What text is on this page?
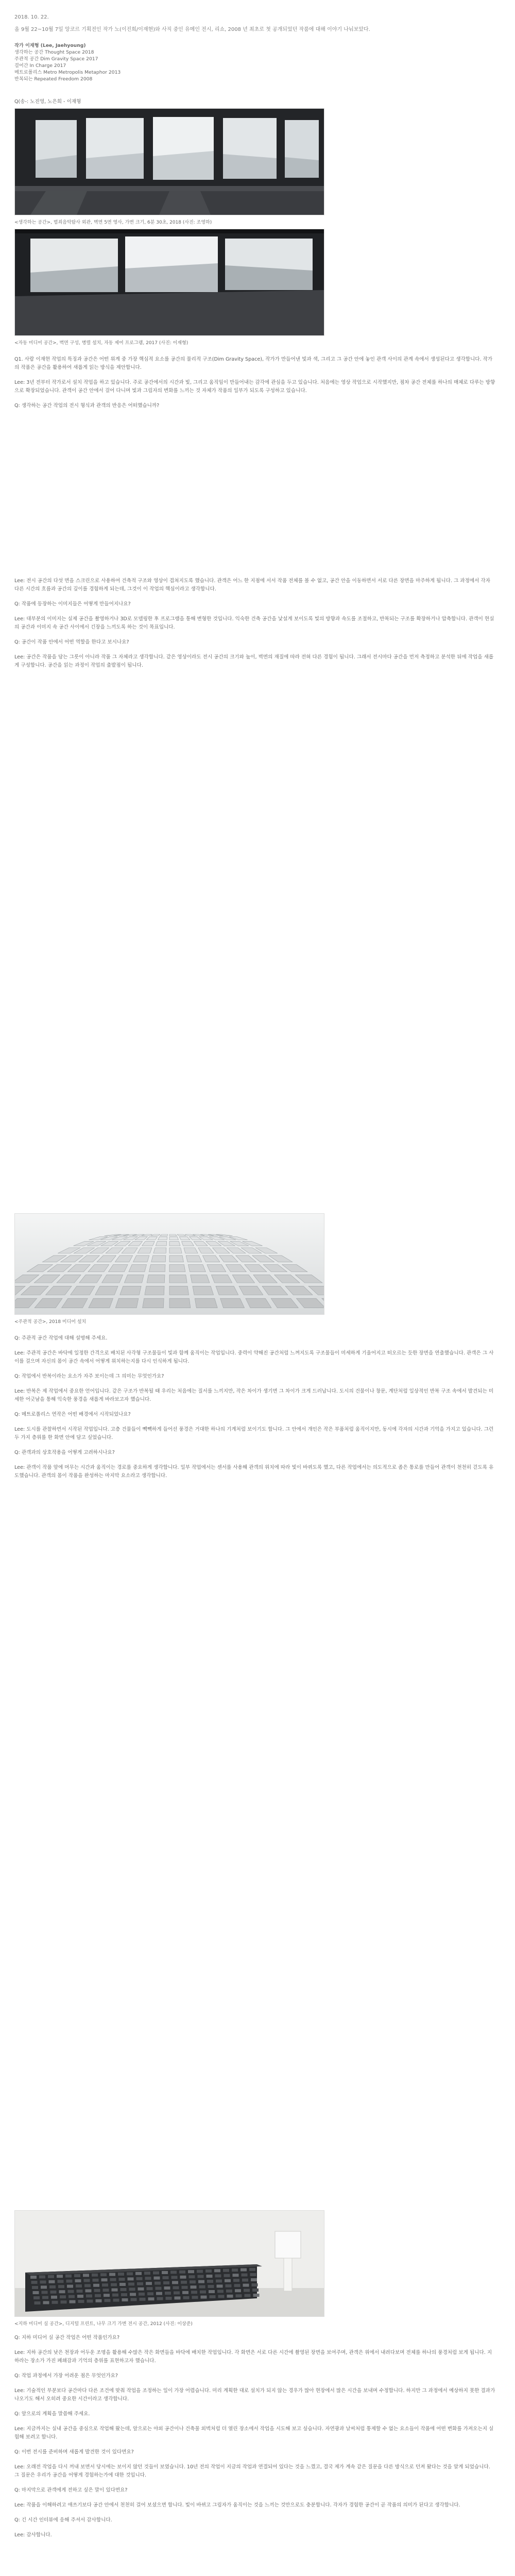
2018. 10. 22.
올 9월 22~10월 7일 앙코르 기획전인 작가 노(이진희/이재현)와 사직 중인 유메인 전시, 리쇼, 2008 년 최초로 첫 공개되었던 작품에 대해 이야기 나눠보았다.
작가 이재형 (Lee, Jaehyoung)
생각하는 공간 Thought Space 2018
주관적 공간 Dim Gravity Space 2017
걸어간 In Charge 2017
메트로폴리스 Metro Metropolis Metaphor 2013
반복되는 Repeated Freedom 2008
Q(송-: 노진영, 노은희 - 이재형
<생각하는 공간>, 범죄음악탐사 외관, 벽면 5면 영사, 가변 크기, 6분 30초, 2018 (사진: 조영하)
<자동 미디어 공간>, 벽면 구성, 병렬 설치, 자동 제어 프로그램, 2017 (사진: 이재형)

Q1. 사람 이재현 작업의 특징과 공간은 어떤 위계 중 가장 핵심적 요소를 공간의 물리적 구조(Dim Gravity Space), 작가가 만들어낸 빛과 색, 그리고 그 공간 안에 놓인 관객 사이의 관계 속에서 생성된다고 생각합니다. 작가의 작품은 공간을 활용하여 새롭게 읽는 방식을 제안합니다.

Lee: 3년 전부터 작가로서 설치 작업을 하고 있습니다. 주로 공간에서의 시간과 빛, 그리고 움직임이 만들어내는 감각에 관심을 두고 있습니다. 처음에는 영상 작업으로 시작했지만, 점차 공간 전체를 하나의 매체로 다루는 방향으로 확장되었습니다. 관객이 공간 안에서 걸어 다니며 빛과 그림자의 변화를 느끼는 것 자체가 작품의 일부가 되도록 구성하고 있습니다.

Q: 생각하는 공간 작업의 전시 형식과 관객의 반응은 어떠했습니까?

Lee: 전시 공간의 다섯 면을 스크린으로 사용하여 건축적 구조와 영상이 겹쳐지도록 했습니다. 관객은 어느 한 지점에 서서 작품 전체를 볼 수 없고, 공간 안을 이동하면서 서로 다른 장면을 마주하게 됩니다. 그 과정에서 각자 다른 시간의 흐름과 공간의 깊이를 경험하게 되는데, 그것이 이 작업의 핵심이라고 생각합니다.

Q: 작품에 등장하는 이미지들은 어떻게 만들어지나요?

Lee: 대부분의 이미지는 실제 공간을 촬영하거나 3D로 모델링한 후 프로그램을 통해 변형한 것입니다. 익숙한 건축 공간을 낯설게 보이도록 빛의 방향과 속도를 조절하고, 반복되는 구조를 확장하거나 압축합니다. 관객이 현실의 공간과 이미지 속 공간 사이에서 긴장을 느끼도록 하는 것이 목표입니다.

Q: 공간이 작품 안에서 어떤 역할을 한다고 보시나요?

Lee: 공간은 작품을 담는 그릇이 아니라 작품 그 자체라고 생각합니다. 같은 영상이라도 전시 공간의 크기와 높이, 벽면의 재질에 따라 전혀 다른 경험이 됩니다. 그래서 전시마다 공간을 먼저 측정하고 분석한 뒤에 작업을 새롭게 구성합니다. 공간을 읽는 과정이 작업의 출발점이 됩니다.

<주관적 공간>, 2018 미디어 설치

Q: 주관적 공간 작업에 대해 설명해 주세요.

Lee: 주관적 공간은 바닥에 일정한 간격으로 배치된 사각형 구조물들이 빛과 함께 움직이는 작업입니다. 중력이 약해진 공간처럼 느껴지도록 구조물들이 미세하게 기울어지고 떠오르는 듯한 장면을 연출했습니다. 관객은 그 사이를 걸으며 자신의 몸이 공간 속에서 어떻게 위치하는지를 다시 인식하게 됩니다.

Q: 작업에서 반복이라는 요소가 자주 보이는데 그 의미는 무엇인가요?

Lee: 반복은 제 작업에서 중요한 언어입니다. 같은 구조가 반복될 때 우리는 처음에는 질서를 느끼지만, 작은 차이가 생기면 그 차이가 크게 드러납니다. 도시의 건물이나 창문, 계단처럼 일상적인 반복 구조 속에서 발견되는 미세한 어긋남을 통해 익숙한 풍경을 새롭게 바라보고자 했습니다.

Q: 메트로폴리스 연작은 어떤 배경에서 시작되었나요?

Lee: 도시를 관찰하면서 시작된 작업입니다. 고층 건물들이 빽빽하게 들어선 풍경은 거대한 하나의 기계처럼 보이기도 합니다. 그 안에서 개인은 작은 부품처럼 움직이지만, 동시에 각자의 시간과 기억을 가지고 있습니다. 그런 두 가지 층위를 한 화면 안에 담고 싶었습니다.

Q: 관객과의 상호작용을 어떻게 고려하시나요?

Lee: 관객이 작품 앞에 머무는 시간과 움직이는 경로를 중요하게 생각합니다. 일부 작업에서는 센서를 사용해 관객의 위치에 따라 빛이 바뀌도록 했고, 다른 작업에서는 의도적으로 좁은 통로를 만들어 관객이 천천히 걷도록 유도했습니다. 관객의 몸이 작품을 완성하는 마지막 요소라고 생각합니다.

<지하 미디어 실 공간>, 디지털 프린트, 나무 크기 가변 전시 공간, 2012 (사진: 이상준)

Q: 지하 미디어 실 공간 작업은 어떤 작품인가요?

Lee: 지하 공간의 낮은 천장과 어두운 조명을 활용해 수많은 작은 화면들을 바닥에 배치한 작업입니다. 각 화면은 서로 다른 시간에 촬영된 장면을 보여주며, 관객은 위에서 내려다보며 전체를 하나의 풍경처럼 보게 됩니다. 지하라는 장소가 가진 폐쇄감과 기억의 층위를 표현하고자 했습니다.

Q: 작업 과정에서 가장 어려운 점은 무엇인가요?

Lee: 기술적인 부분보다 공간마다 다른 조건에 맞춰 작업을 조정하는 일이 가장 어렵습니다. 미리 계획한 대로 설치가 되지 않는 경우가 많아 현장에서 많은 시간을 보내며 수정합니다. 하지만 그 과정에서 예상하지 못한 결과가 나오기도 해서 오히려 중요한 시간이라고 생각합니다.

Q: 앞으로의 계획을 말씀해 주세요.

Lee: 지금까지는 실내 공간을 중심으로 작업해 왔는데, 앞으로는 야외 공간이나 건축물 외벽처럼 더 열린 장소에서 작업을 시도해 보고 싶습니다. 자연광과 날씨처럼 통제할 수 없는 요소들이 작품에 어떤 변화를 가져오는지 실험해 보려고 합니다.

Q: 이번 전시를 준비하며 새롭게 발견한 것이 있다면요?

Lee: 오래전 작업을 다시 꺼내 보면서 당시에는 보이지 않던 것들이 보였습니다. 10년 전의 작업이 지금의 작업과 연결되어 있다는 것을 느꼈고, 결국 제가 계속 같은 질문을 다른 방식으로 던져 왔다는 것을 알게 되었습니다. 그 질문은 우리가 공간을 어떻게 경험하는가에 대한 것입니다.

Q: 마지막으로 관객에게 전하고 싶은 말이 있다면요?

Lee: 작품을 이해하려고 애쓰기보다 공간 안에서 천천히 걸어 보셨으면 합니다. 빛이 바뀌고 그림자가 움직이는 것을 느끼는 것만으로도 충분합니다. 각자가 경험한 공간이 곧 작품의 의미가 된다고 생각합니다.

Q: 긴 시간 인터뷰에 응해 주셔서 감사합니다.

Lee: 감사합니다.
